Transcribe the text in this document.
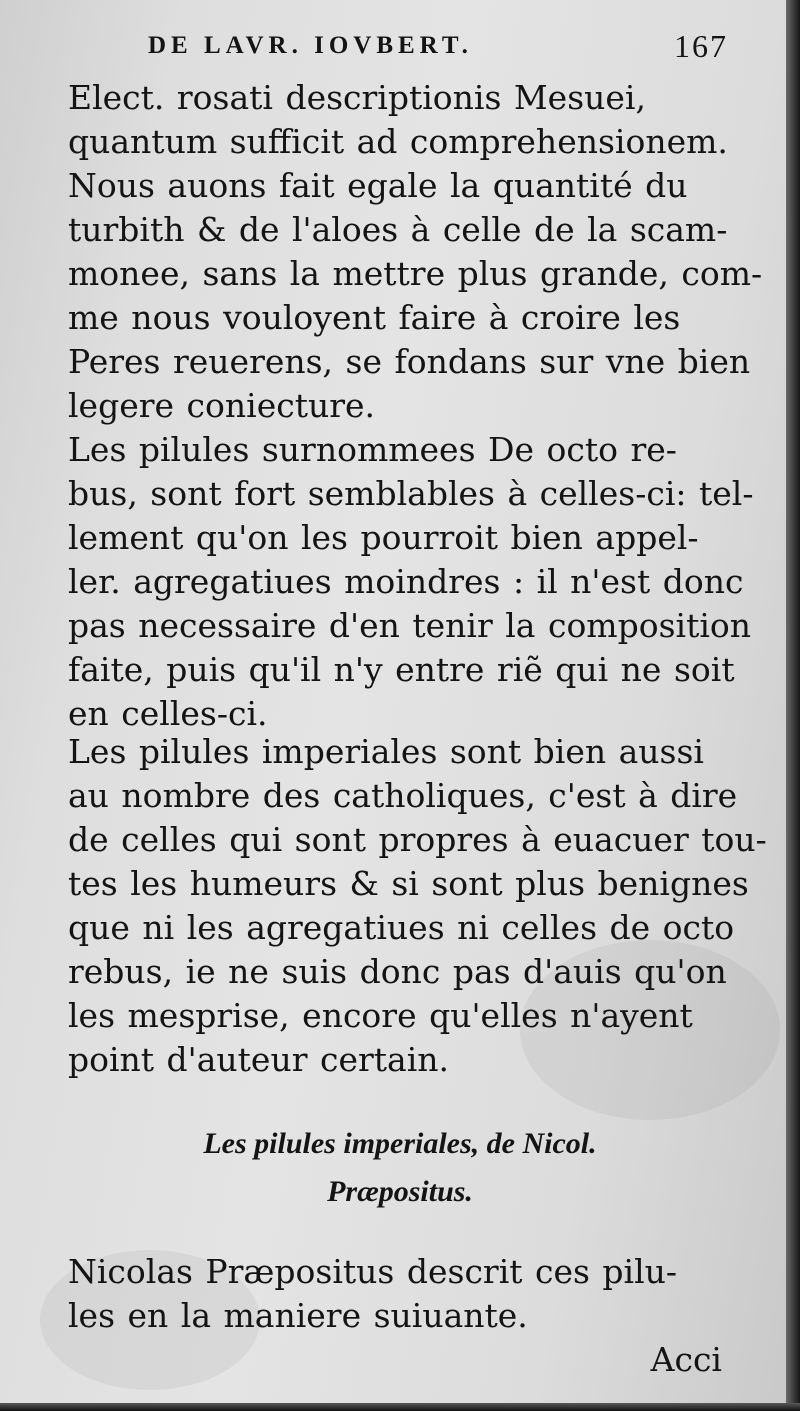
DE LAVR. IOVBERT.	167

Elect. rosati descriptionis Mesuei,

quantum sufficit ad comprehensionem.

Nous auons fait egale la quantité du

turbith & de l'aloes à celle de la scam-

monee, sans la mettre plus grande, com-

me nous vouloyent faire à croire les

Peres reuerens, se fondans sur vne bien

legere coniecture.

Les pilules surnommees De octo re-

bus, sont fort semblables à celles-ci: tel-

lement qu'on les pourroit bien appel-

ler. agregatiues moindres : il n'est donc

pas necessaire d'en tenir la composition

faite, puis qu'il n'y entre riẽ qui ne soit

en celles-ci.

Les pilules imperiales sont bien aussi

au nombre des catholiques, c'est à dire

de celles qui sont propres à euacuer tou-

tes les humeurs & si sont plus benignes

que ni les agregatiues ni celles de octo

rebus, ie ne suis donc pas d'auis qu'on

les mesprise, encore qu'elles n'ayent

point d'auteur certain.

Les pilules imperiales, de Nicol.
Præpositus.

Nicolas Præpositus descrit ces pilu-

les en la maniere suiuante.

Acci
